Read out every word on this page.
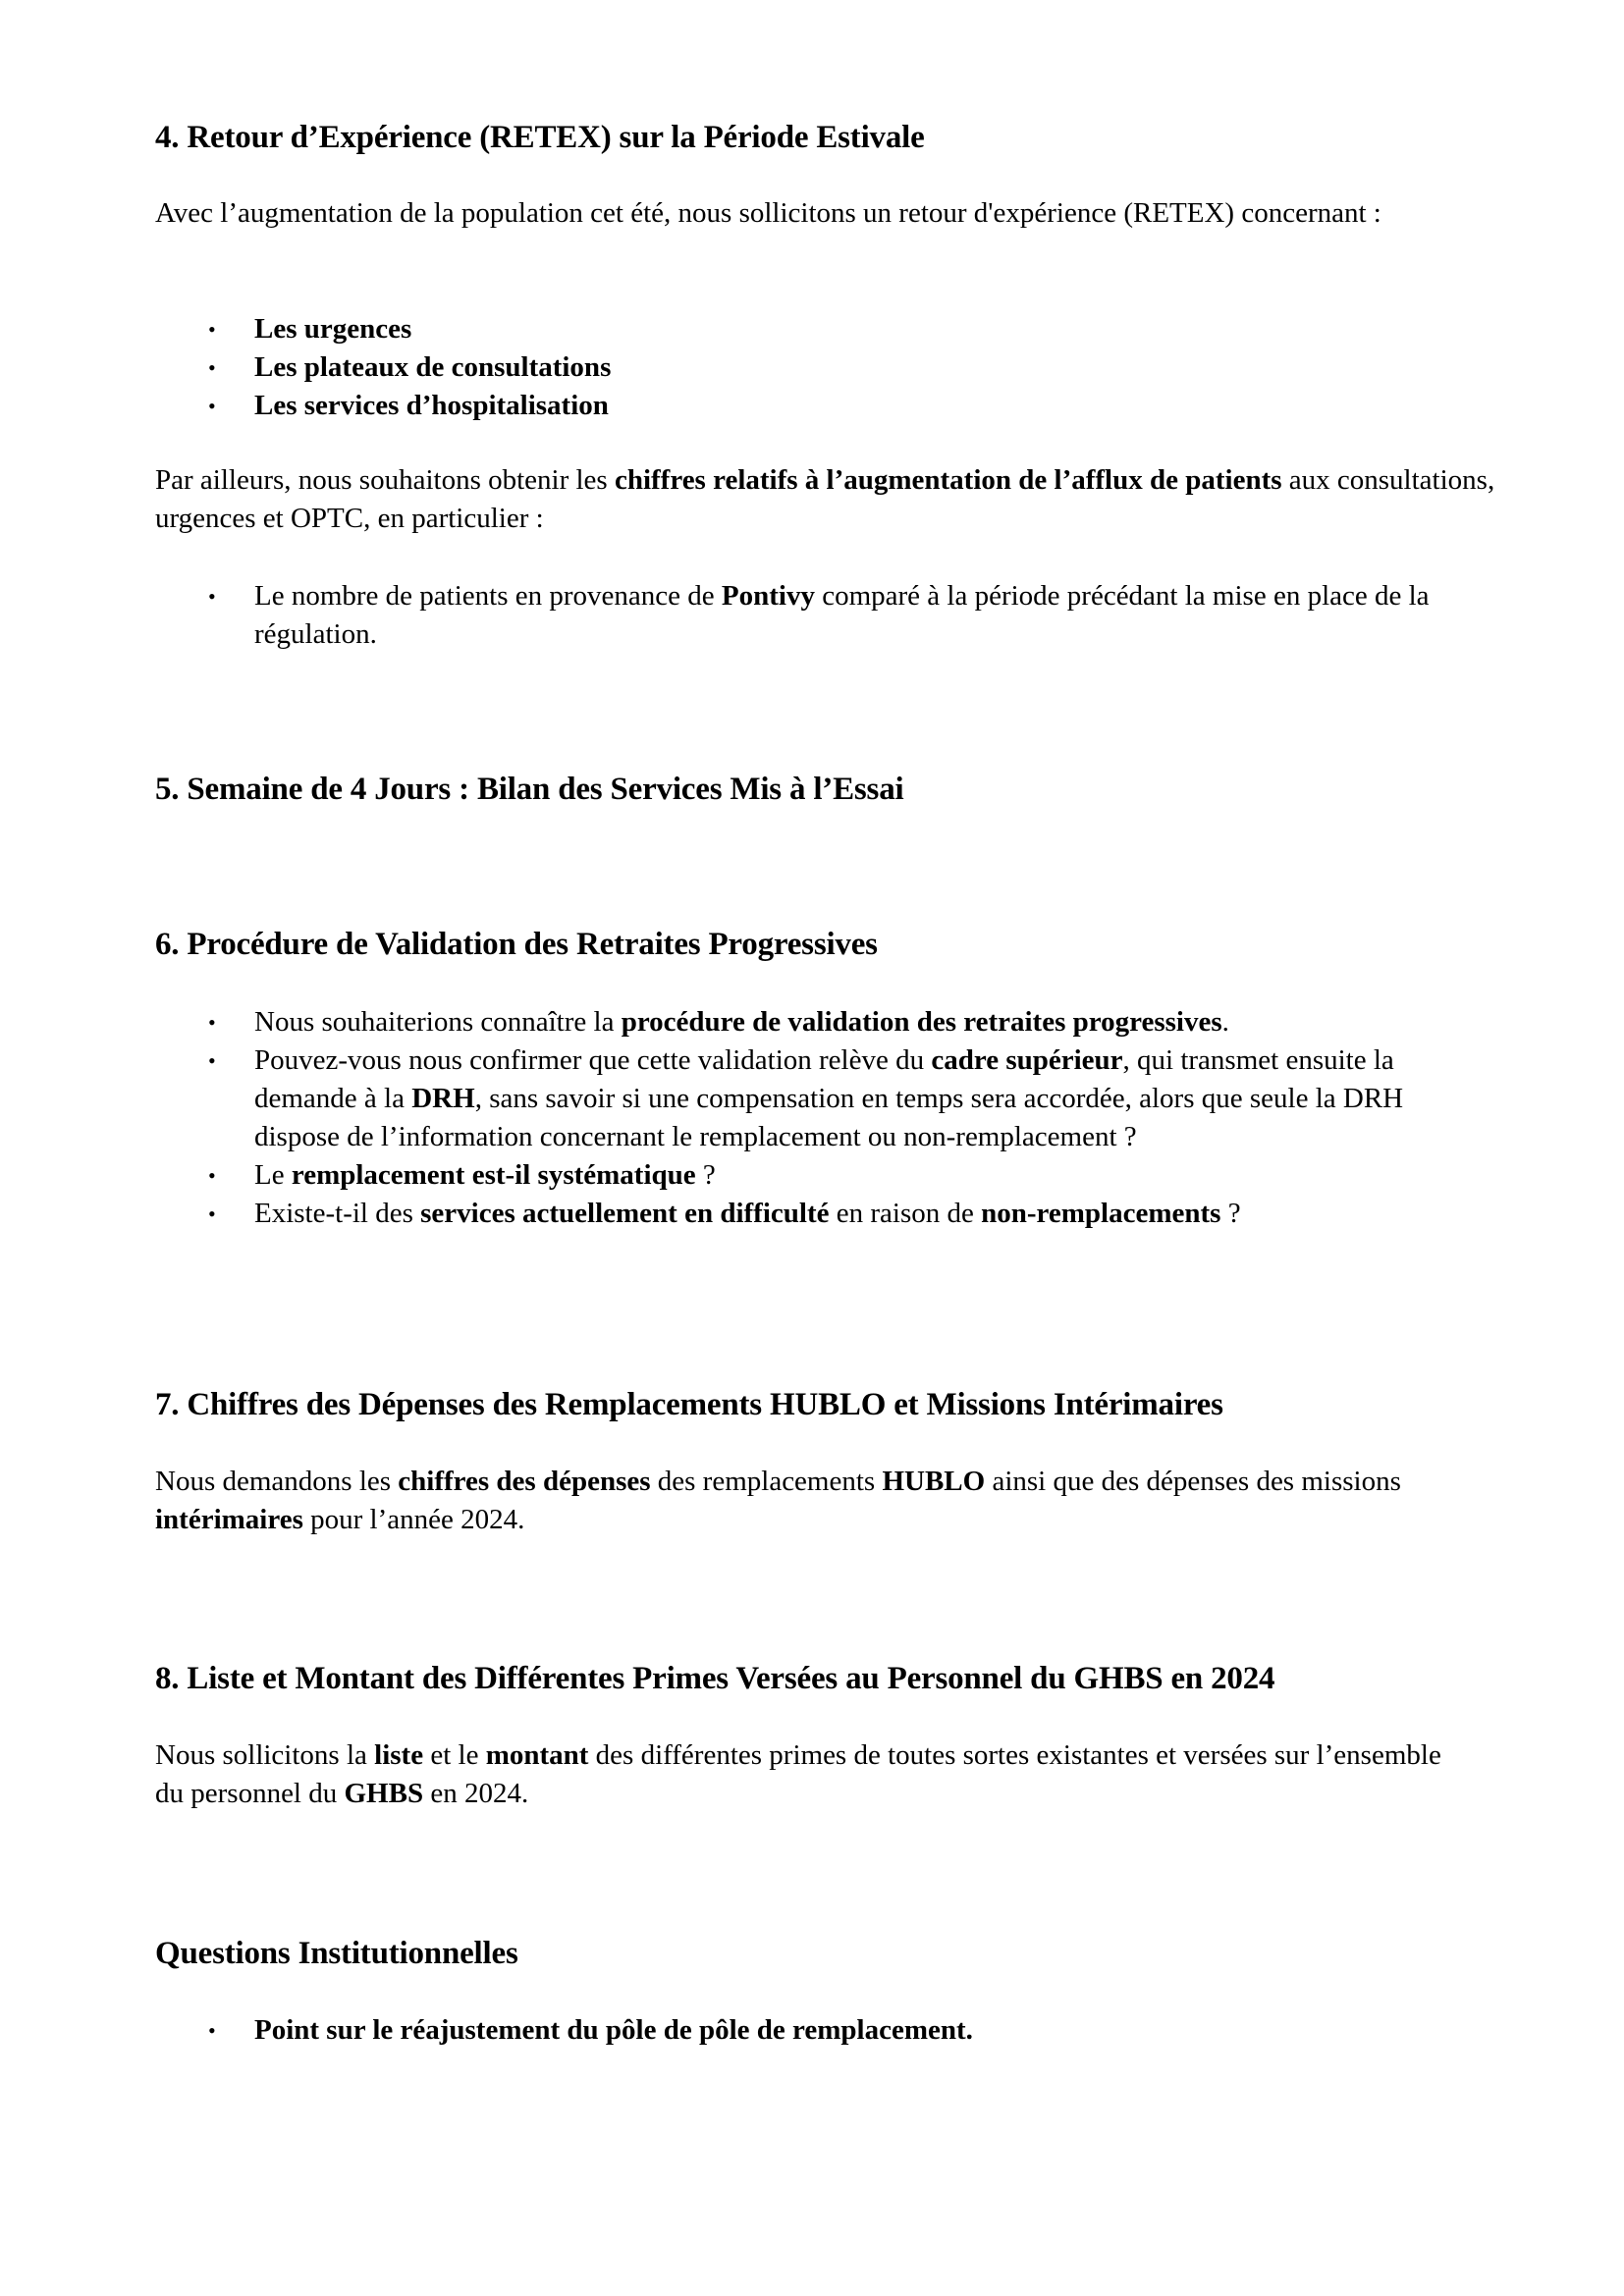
4. Retour d’Expérience (RETEX) sur la Période Estivale

Avec l’augmentation de la population cet été, nous sollicitons un retour d'expérience (RETEX) concernant :

• Les urgences
• Les plateaux de consultations
• Les services d’hospitalisation

Par ailleurs, nous souhaitons obtenir les chiffres relatifs à l’augmentation de l’afflux de patients aux consultations, urgences et OPTC, en particulier :

• Le nombre de patients en provenance de Pontivy comparé à la période précédant la mise en place de la régulation.
5. Semaine de 4 Jours : Bilan des Services Mis à l’Essai
6. Procédure de Validation des Retraites Progressives
• Nous souhaiterions connaître la procédure de validation des retraites progressives.
• Pouvez-vous nous confirmer que cette validation relève du cadre supérieur, qui transmet ensuite la demande à la DRH, sans savoir si une compensation en temps sera accordée, alors que seule la DRH dispose de l’information concernant le remplacement ou non-remplacement ?
• Le remplacement est-il systématique ?
• Existe-t-il des services actuellement en difficulté en raison de non-remplacements ?
7. Chiffres des Dépenses des Remplacements HUBLO et Missions Intérimaires

Nous demandons les chiffres des dépenses des remplacements HUBLO ainsi que des dépenses des missions intérimaires pour l’année 2024.

8. Liste et Montant des Différentes Primes Versées au Personnel du GHBS en 2024

Nous sollicitons la liste et le montant des différentes primes de toutes sortes existantes et versées sur l’ensemble du personnel du GHBS en 2024.

Questions Institutionnelles
• Point sur le réajustement du pôle de pôle de remplacement.
